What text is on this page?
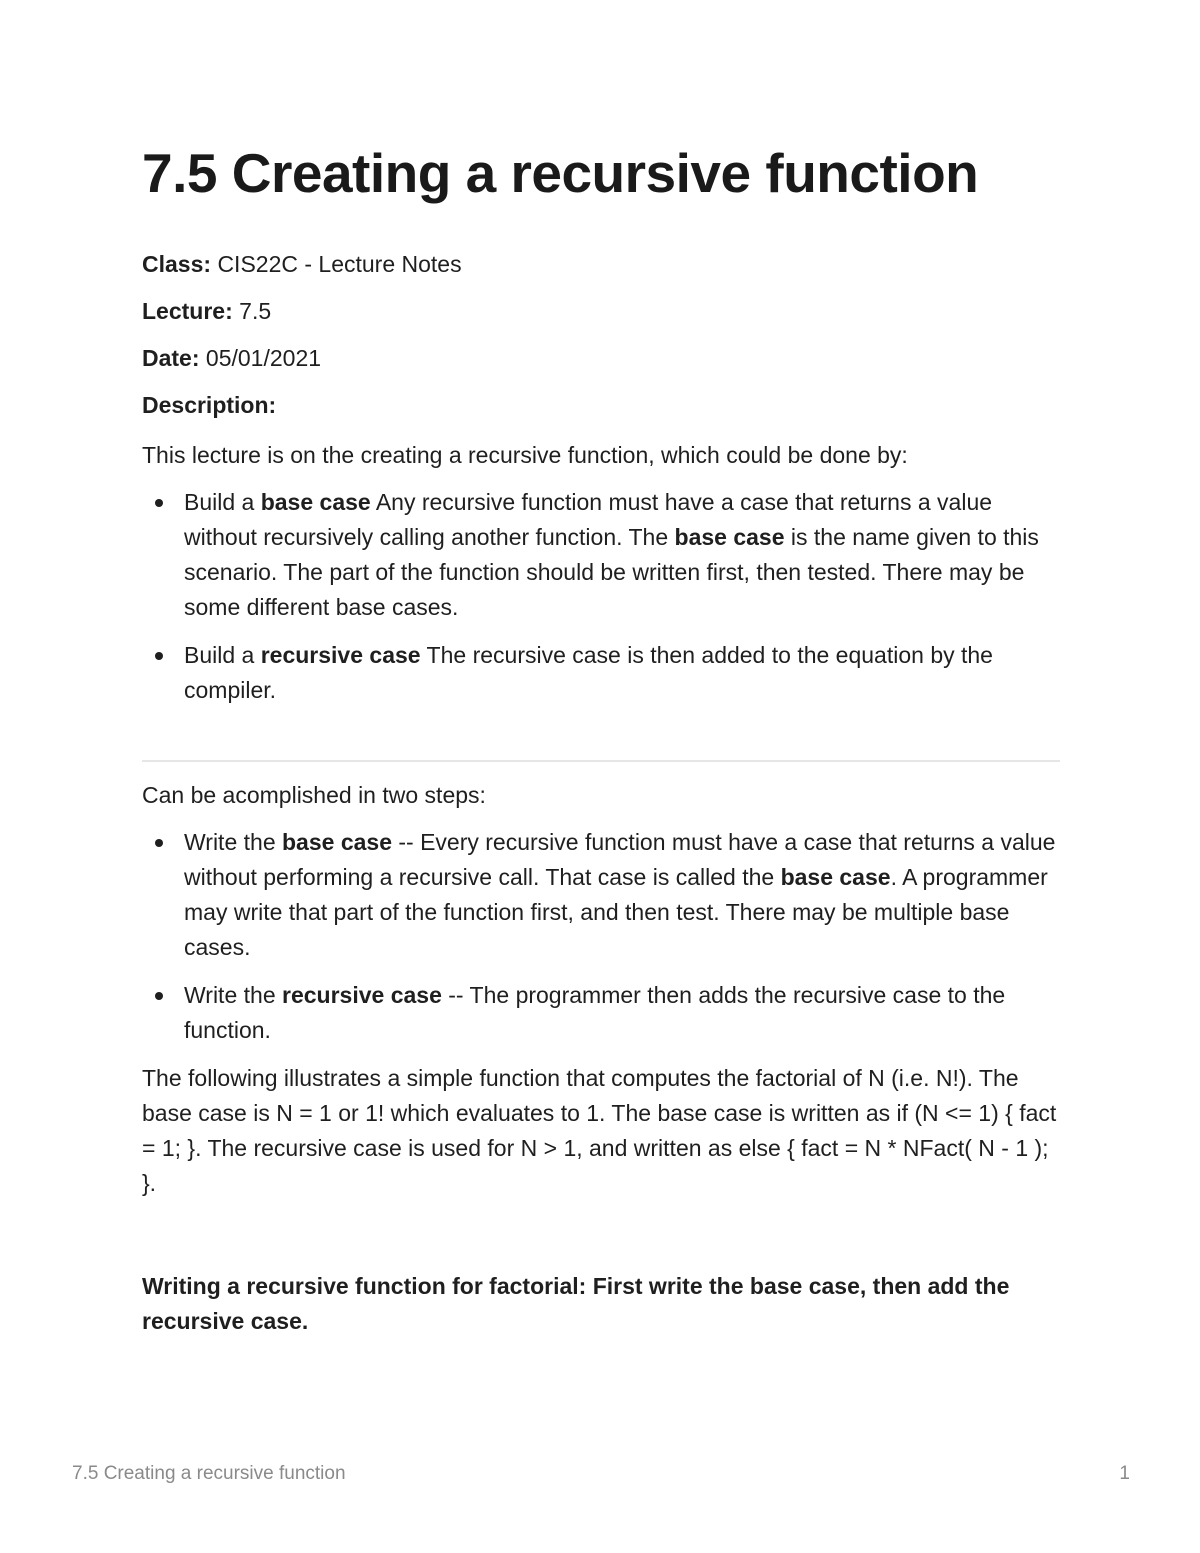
7.5 Creating a recursive function
Class: CIS22C - Lecture Notes
Lecture: 7.5
Date: 05/01/2021
Description:

This lecture is on the creating a recursive function, which could be done by:

Build a base case Any recursive function must have a case that returns a value without recursively calling another function. The base case is the name given to this scenario. The part of the function should be written first, then tested. There may be some different base cases.
Build a recursive case The recursive case is then added to the equation by the compiler.

Can be acomplished in two steps:

Write the base case -- Every recursive function must have a case that returns a value without performing a recursive call. That case is called the base case. A programmer may write that part of the function first, and then test. There may be multiple base cases.
Write the recursive case -- The programmer then adds the recursive case to the function.

The following illustrates a simple function that computes the factorial of N (i.e. N!). The base case is N = 1 or 1! which evaluates to 1. The base case is written as if (N <= 1) { fact = 1; }. The recursive case is used for N > 1, and written as else { fact = N * NFact( N - 1 ); }.

Writing a recursive function for factorial: First write the base case, then add the recursive case.
7.5 Creating a recursive function	1
